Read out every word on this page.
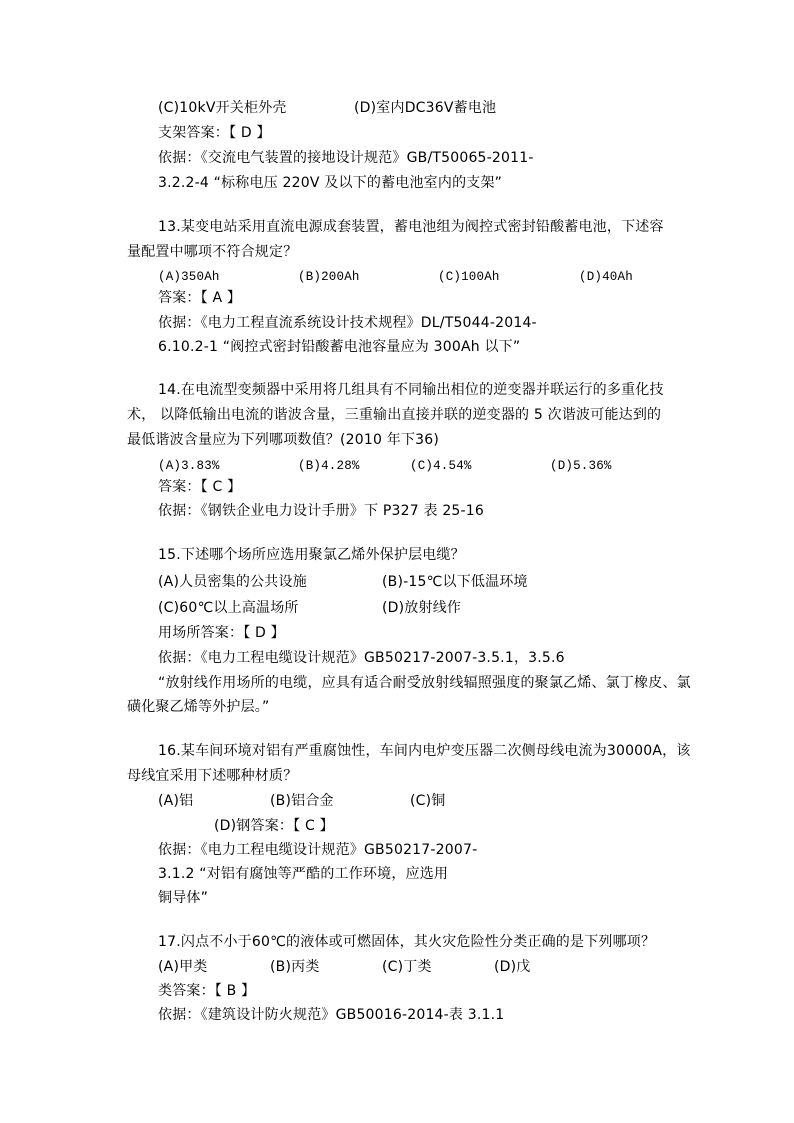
(C)10kV开关柜外壳	(D)室内DC36V蓄电池
支架答案：【 D 】
依据：《交流电气装置的接地设计规范》GB/T50065-2011-
3.2.2-4 “标称电压 220V 及以下的蓄电池室内的支架”
13.某变电站采用直流电源成套装置，蓄电池组为阀控式密封铅酸蓄电池，下述容
量配置中哪项不符合规定？
(A)350Ah	(B)200Ah	(C)100Ah	(D)40Ah
答案：【 A 】
依据：《电力工程直流系统设计技术规程》DL/T5044-2014-
6.10.2-1 “阀控式密封铅酸蓄电池容量应为 300Ah 以下”
14.在电流型变频器中采用将几组具有不同输出相位的逆变器并联运行的多重化技
术， 以降低输出电流的谐波含量，三重输出直接并联的逆变器的 5 次谐波可能达到的
最低谐波含量应为下列哪项数值？(2010 年下36)
(A)3.83%	(B)4.28%	(C)4.54%	(D)5.36%
答案：【 C 】
依据：《钢铁企业电力设计手册》下 P327 表 25-16
15.下述哪个场所应选用聚氯乙烯外保护层电缆？
(A)人员密集的公共设施	(B)-15℃以下低温环境
(C)60℃以上高温场所	(D)放射线作
用场所答案：【 D 】
依据：《电力工程电缆设计规范》GB50217-2007-3.5.1，3.5.6
“放射线作用场所的电缆，应具有适合耐受放射线辐照强度的聚氯乙烯、氯丁橡皮、氯
磺化聚乙烯等外护层。”
16.某车间环境对铝有严重腐蚀性，车间内电炉变压器二次侧母线电流为30000A，该
母线宜采用下述哪种材质？
(A)铝	(B)铝合金	(C)铜
(D)钢答案：【 C 】
依据：《电力工程电缆设计规范》GB50217-2007-
3.1.2 “对铝有腐蚀等严酷的工作环境，应选用
铜导体”
17.闪点不小于60℃的液体或可燃固体，其火灾危险性分类正确的是下列哪项？
(A)甲类	(B)丙类	(C)丁类	(D)戊
类答案：【 B 】
依据：《建筑设计防火规范》GB50016-2014-表 3.1.1
